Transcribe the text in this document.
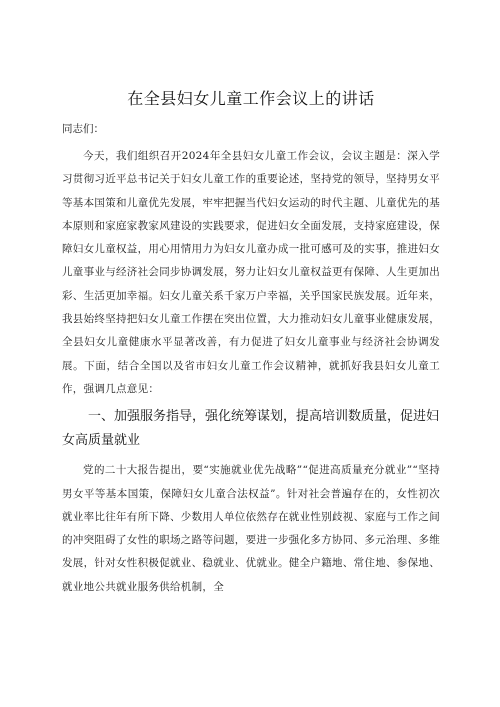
在全县妇女儿童工作会议上的讲话

同志们：

今天，我们组织召开2024年全县妇女儿童工作会议，会议主题是：深入学习贯彻习近平总书记关于妇女儿童工作的重要论述，坚持党的领导，坚持男女平等基本国策和儿童优先发展，牢牢把握当代妇女运动的时代主题、儿童优先的基本原则和家庭家教家风建设的实践要求，促进妇女全面发展，支持家庭建设，保障妇女儿童权益，用心用情用力为妇女儿童办成一批可感可及的实事，推进妇女儿童事业与经济社会同步协调发展，努力让妇女儿童权益更有保障、人生更加出彩、生活更加幸福。妇女儿童关系千家万户幸福，关乎国家民族发展。近年来，我县始终坚持把妇女儿童工作摆在突出位置，大力推动妇女儿童事业健康发展，全县妇女儿童健康水平显著改善，有力促进了妇女儿童事业与经济社会协调发展。下面，结合全国以及省市妇女儿童工作会议精神，就抓好我县妇女儿童工作，强调几点意见：

一、加强服务指导，强化统筹谋划，提高培训数质量，促进妇女高质量就业

党的二十大报告提出，要“实施就业优先战略”“促进高质量充分就业”“坚持男女平等基本国策，保障妇女儿童合法权益”。针对社会普遍存在的，女性初次就业率比往年有所下降、少数用人单位依然存在就业性别歧视、家庭与工作之间的冲突阻碍了女性的职场之路等问题，要进一步强化多方协同、多元治理、多维发展，针对女性积极促就业、稳就业、优就业。健全户籍地、常住地、参保地、就业地公共就业服务供给机制，全
